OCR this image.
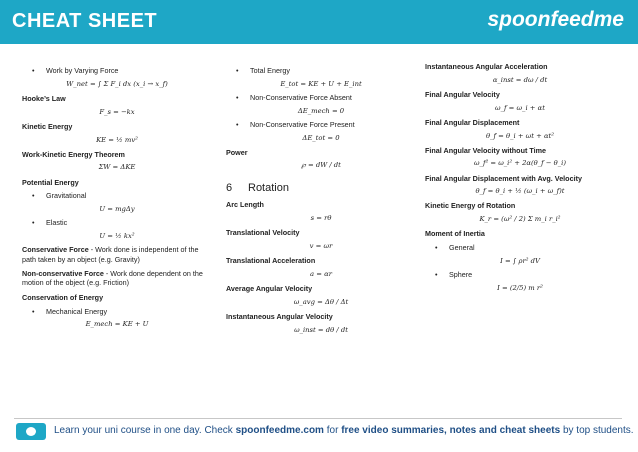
CHEAT SHEET	spoonfeedme
• Work by Varying Force
W_net = ∫ Σ F_i dx (x_i → x_f)
Hooke’s Law
F_s = −kx
Kinetic Energy
KE = ½ mv²
Work-Kinetic Energy Theorem
ΣW = ΔKE
Potential Energy
• Gravitational
U = mgΔy
• Elastic
U = ½ kx²

Conservative Force - Work done is independent of the path taken by an object (e.g. Gravity)

Non-conservative Force - Work done dependent on the motion of the object (e.g. Friction)

Conservation of Energy
• Mechanical Energy
E_mech = KE + U
• Total Energy
E_tot = KE + U + E_int
• Non-Conservative Force Absent
ΔE_mech = 0
• Non-Conservative Force Present
ΔE_tot = 0
Power
℘ = dW / dt
6 Rotation
Arc Length
s = rθ
Translational Velocity
v = ωr
Translational Acceleration
a = αr
Average Angular Velocity
ω_avg = Δθ / Δt
Instantaneous Angular Velocity
ω_inst = dθ / dt
Instantaneous Angular Acceleration
α_inst = dω / dt
Final Angular Velocity
ω_f = ω_i + αt
Final Angular Displacement
θ_f = θ_i + ωt + αt²
Final Angular Velocity without Time
ω_f² = ω_i² + 2α(θ_f − θ_i)
Final Angular Displacement with Avg. Velocity
θ_f = θ_i + ½ (ω_i + ω_f)t
Kinetic Energy of Rotation
K_r = (ω² / 2) Σ m_i r_i²
Moment of Inertia
• General
I = ∫ ρr² dV
• Sphere
I = (2/5) m r²
Learn your uni course in one day. Check spoonfeedme.com for free video summaries, notes and cheat sheets by top students.
